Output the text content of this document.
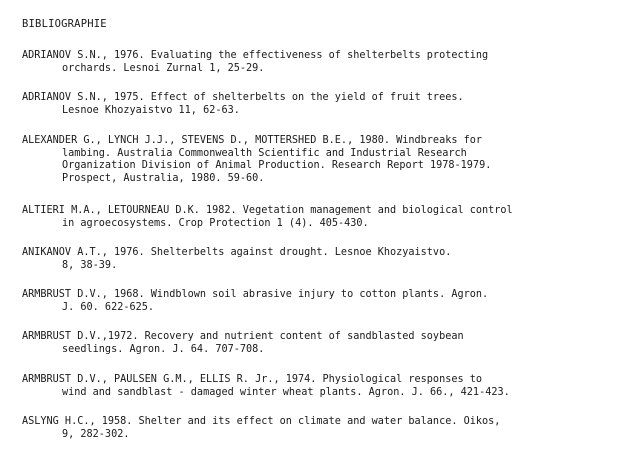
BIBLIOGRAPHIE
ADRIANOV S.N., 1976. Evaluating the effectiveness of shelterbelts protecting
orchards. Lesnoi Zurnal 1, 25-29.
ADRIANOV S.N., 1975. Effect of shelterbelts on the yield of fruit trees.
Lesnoe Khozyaistvo 11, 62-63.
ALEXANDER G., LYNCH J.J., STEVENS D., MOTTERSHED B.E., 1980. Windbreaks for
lambing. Australia Commonwealth Scientific and Industrial Research
Organization Division of Animal Production. Research Report 1978-1979.
Prospect, Australia, 1980. 59-60.
ALTIERI M.A., LETOURNEAU D.K. 1982. Vegetation management and biological control
in agroecosystems. Crop Protection 1 (4). 405-430.
ANIKANOV A.T., 1976. Shelterbelts against drought. Lesnoe Khozyaistvo.
8, 38-39.
ARMBRUST D.V., 1968. Windblown soil abrasive injury to cotton plants. Agron.
J. 60. 622-625.
ARMBRUST D.V.,1972. Recovery and nutrient content of sandblasted soybean
seedlings. Agron. J. 64. 707-708.
ARMBRUST D.V., PAULSEN G.M., ELLIS R. Jr., 1974. Physiological responses to
wind and sandblast - damaged winter wheat plants. Agron. J. 66., 421-423.
ASLYNG H.C., 1958. Shelter and its effect on climate and water balance. Oikos,
9, 282-302.
